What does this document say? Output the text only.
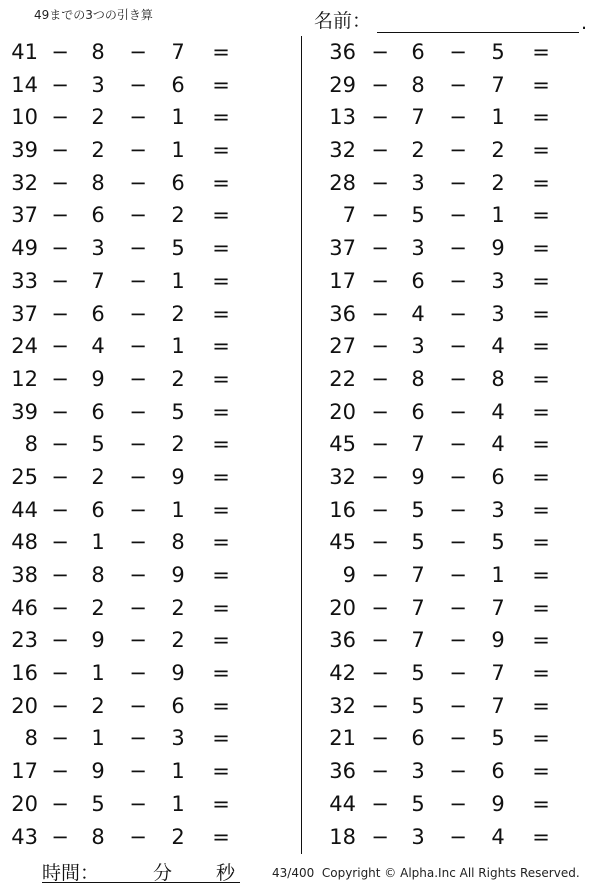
49までの3つの引き算	名前：	.
41 − 8 − 7 =
14 − 3 − 6 =
10 − 2 − 1 =
39 − 2 − 1 =
32 − 8 − 6 =
37 − 6 − 2 =
49 − 3 − 5 =
33 − 7 − 1 =
37 − 6 − 2 =
24 − 4 − 1 =
12 − 9 − 2 =
39 − 6 − 5 =
8 − 5 − 2 =
25 − 2 − 9 =
44 − 6 − 1 =
48 − 1 − 8 =
38 − 8 − 9 =
46 − 2 − 2 =
23 − 9 − 2 =
16 − 1 − 9 =
20 − 2 − 6 =
8 − 1 − 3 =
17 − 9 − 1 =
20 − 5 − 1 =
43 − 8 − 2 =
36 − 6 − 5 =
29 − 8 − 7 =
13 − 7 − 1 =
32 − 2 − 2 =
28 − 3 − 2 =
7 − 5 − 1 =
37 − 3 − 9 =
17 − 6 − 3 =
36 − 4 − 3 =
27 − 3 − 4 =
22 − 8 − 8 =
20 − 6 − 4 =
45 − 7 − 4 =
32 − 9 − 6 =
16 − 5 − 3 =
45 − 5 − 5 =
9 − 7 − 1 =
20 − 7 − 7 =
36 − 7 − 9 =
42 − 5 − 7 =
32 − 5 − 7 =
21 − 6 − 5 =
36 − 3 − 6 =
44 − 5 − 9 =
18 − 3 − 4 =
時間：	分 秒	43/400 Copyright © Alpha.Inc All Rights Reserved.
